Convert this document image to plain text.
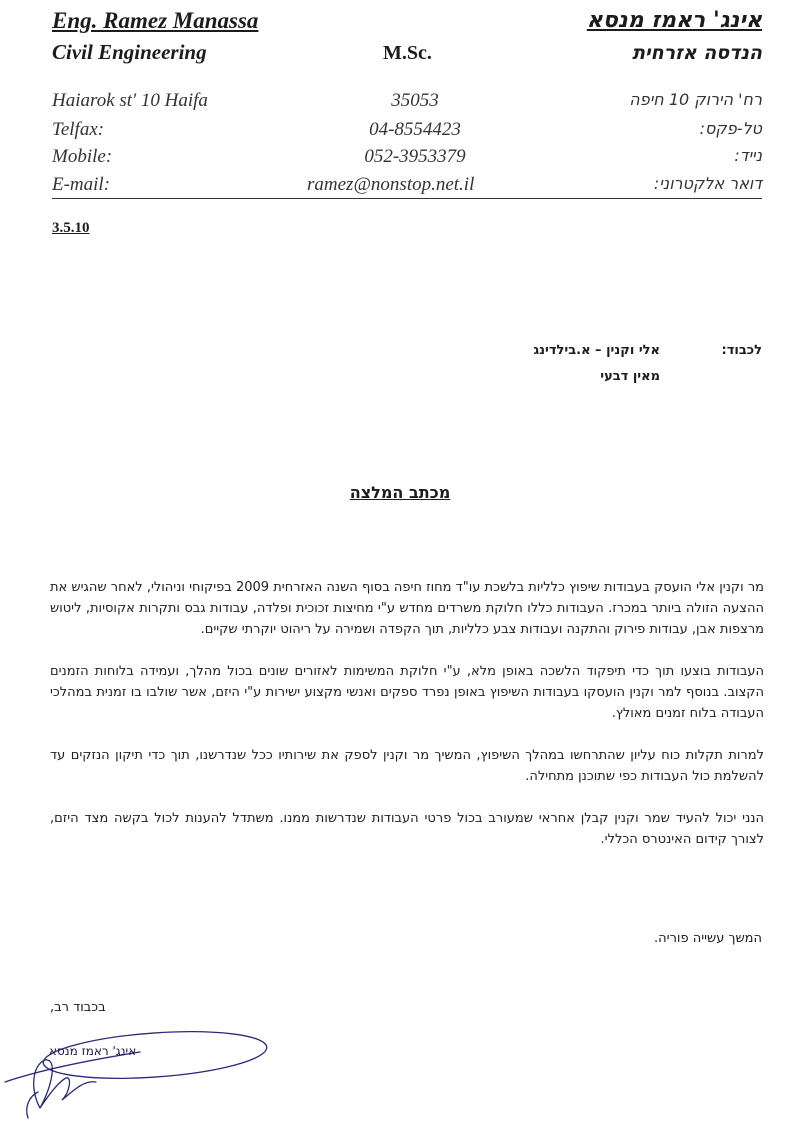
Eng. Ramez Manassa
Civil Engineering	M.Sc.
אינג' ראמז מנסא
הנדסה אזרחית
Haiarok st' 10 Haifa	35053	רח' הירוק 10 חיפה
Telfax:	04-8554423	טל-פקס:
Mobile:	052-3953379	נייד:
E-mail:	ramez@nonstop.net.il	דואר אלקטרוני:
3.5.10
לכבוד:
אלי וקנין – א.בילדינג
מאין דבעי
מכתב המלצה

מר וקנין אלי הועסק בעבודות שיפוץ כלליות בלשכת עו"ד מחוז חיפה בסוף השנה האזרחית 2009 בפיקוחי וניהולי, לאחר שהגיש את ההצעה הזולה ביותר במכרז. העבודות כללו חלוקת משרדים מחדש ע"י מחיצות זכוכית ופלדה, עבודות גבס ותקרות אקוסיות, ליטוש מרצפות אבן, עבודות פירוק והתקנה ועבודות צבע כלליות, תוך הקפדה ושמירה על ריהוט יוקרתי שקיים.

העבודות בוצעו תוך כדי תיפקוד הלשכה באופן מלא, ע"י חלוקת המשימות לאזורים שונים בכול מהלך, ועמידה בלוחות הזמנים הקצוב. בנוסף למר וקנין הועסקו בעבודות השיפוץ באופן נפרד ספקים ואנשי מקצוע ישירות ע"י היזם, אשר שולבו בו זמנית במהלכי העבודה בלוח זמנים מאולץ.

למרות תקלות כוח עליון שהתרחשו במהלך השיפוץ, המשיך מר וקנין לספק את שירותיו ככל שנדרשנו, תוך כדי תיקון הנזקים עד להשלמת כול העבודות כפי שתוכנן מתחילה.

הנני יכול להעיד שמר וקנין קבלן אחראי שמעורב בכול פרטי העבודות שנדרשות ממנו. משתדל להענות לכול בקשה מצד היזם, לצורך קידום האינטרס הכללי.

המשך עשייה פוריה.
בכבוד רב,
אינג' ראמז מנסא
